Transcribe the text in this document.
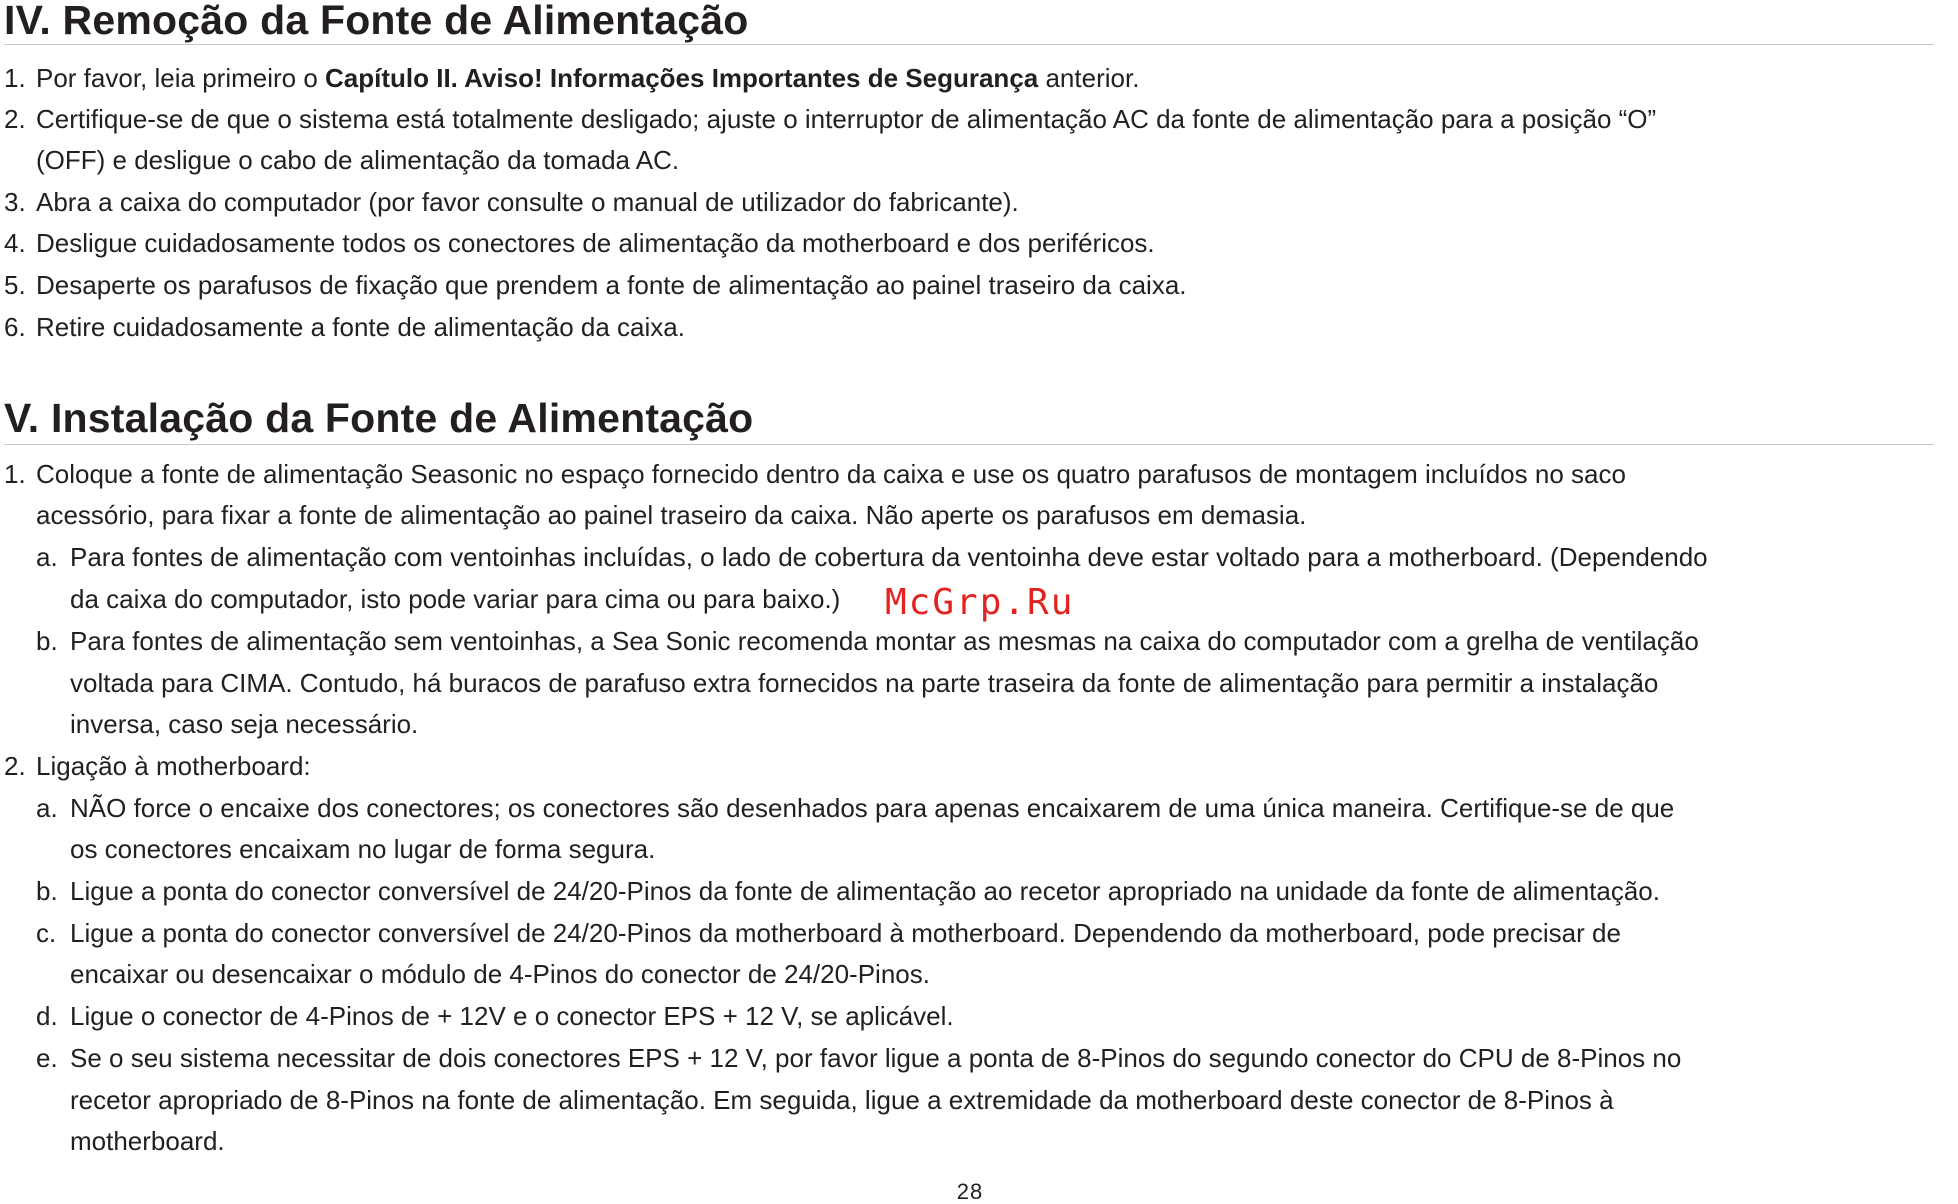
IV. Remoção da Fonte de Alimentação
1. Por favor, leia primeiro o Capítulo II. Aviso! Informações Importantes de Segurança anterior.
2. Certifique-se de que o sistema está totalmente desligado; ajuste o interruptor de alimentação AC da fonte de alimentação para a posição “O”
(OFF) e desligue o cabo de alimentação da tomada AC.
3. Abra a caixa do computador (por favor consulte o manual de utilizador do fabricante).
4. Desligue cuidadosamente todos os conectores de alimentação da motherboard e dos periféricos.
5. Desaperte os parafusos de fixação que prendem a fonte de alimentação ao painel traseiro da caixa.
6. Retire cuidadosamente a fonte de alimentação da caixa.
V. Instalação da Fonte de Alimentação
1. Coloque a fonte de alimentação Seasonic no espaço fornecido dentro da caixa e use os quatro parafusos de montagem incluídos no saco
acessório, para fixar a fonte de alimentação ao painel traseiro da caixa. Não aperte os parafusos em demasia.
a. Para fontes de alimentação com ventoinhas incluídas, o lado de cobertura da ventoinha deve estar voltado para a motherboard. (Dependendo
da caixa do computador, isto pode variar para cima ou para baixo.)
b. Para fontes de alimentação sem ventoinhas, a Sea Sonic recomenda montar as mesmas na caixa do computador com a grelha de ventilação
voltada para CIMA. Contudo, há buracos de parafuso extra fornecidos na parte traseira da fonte de alimentação para permitir a instalação
inversa, caso seja necessário.
2. Ligação à motherboard:
a. NÃO force o encaixe dos conectores; os conectores são desenhados para apenas encaixarem de uma única maneira. Certifique-se de que
os conectores encaixam no lugar de forma segura.
b. Ligue a ponta do conector conversível de 24/20-Pinos da fonte de alimentação ao recetor apropriado na unidade da fonte de alimentação.
c. Ligue a ponta do conector conversível de 24/20-Pinos da motherboard à motherboard. Dependendo da motherboard, pode precisar de
encaixar ou desencaixar o módulo de 4-Pinos do conector de 24/20-Pinos.
d. Ligue o conector de 4-Pinos de + 12V e o conector EPS + 12 V, se aplicável.
e. Se o seu sistema necessitar de dois conectores EPS + 12 V, por favor ligue a ponta de 8-Pinos do segundo conector do CPU de 8-Pinos no
recetor apropriado de 8-Pinos na fonte de alimentação. Em seguida, ligue a extremidade da motherboard deste conector de 8-Pinos à
motherboard.
McGrp.Ru
28
